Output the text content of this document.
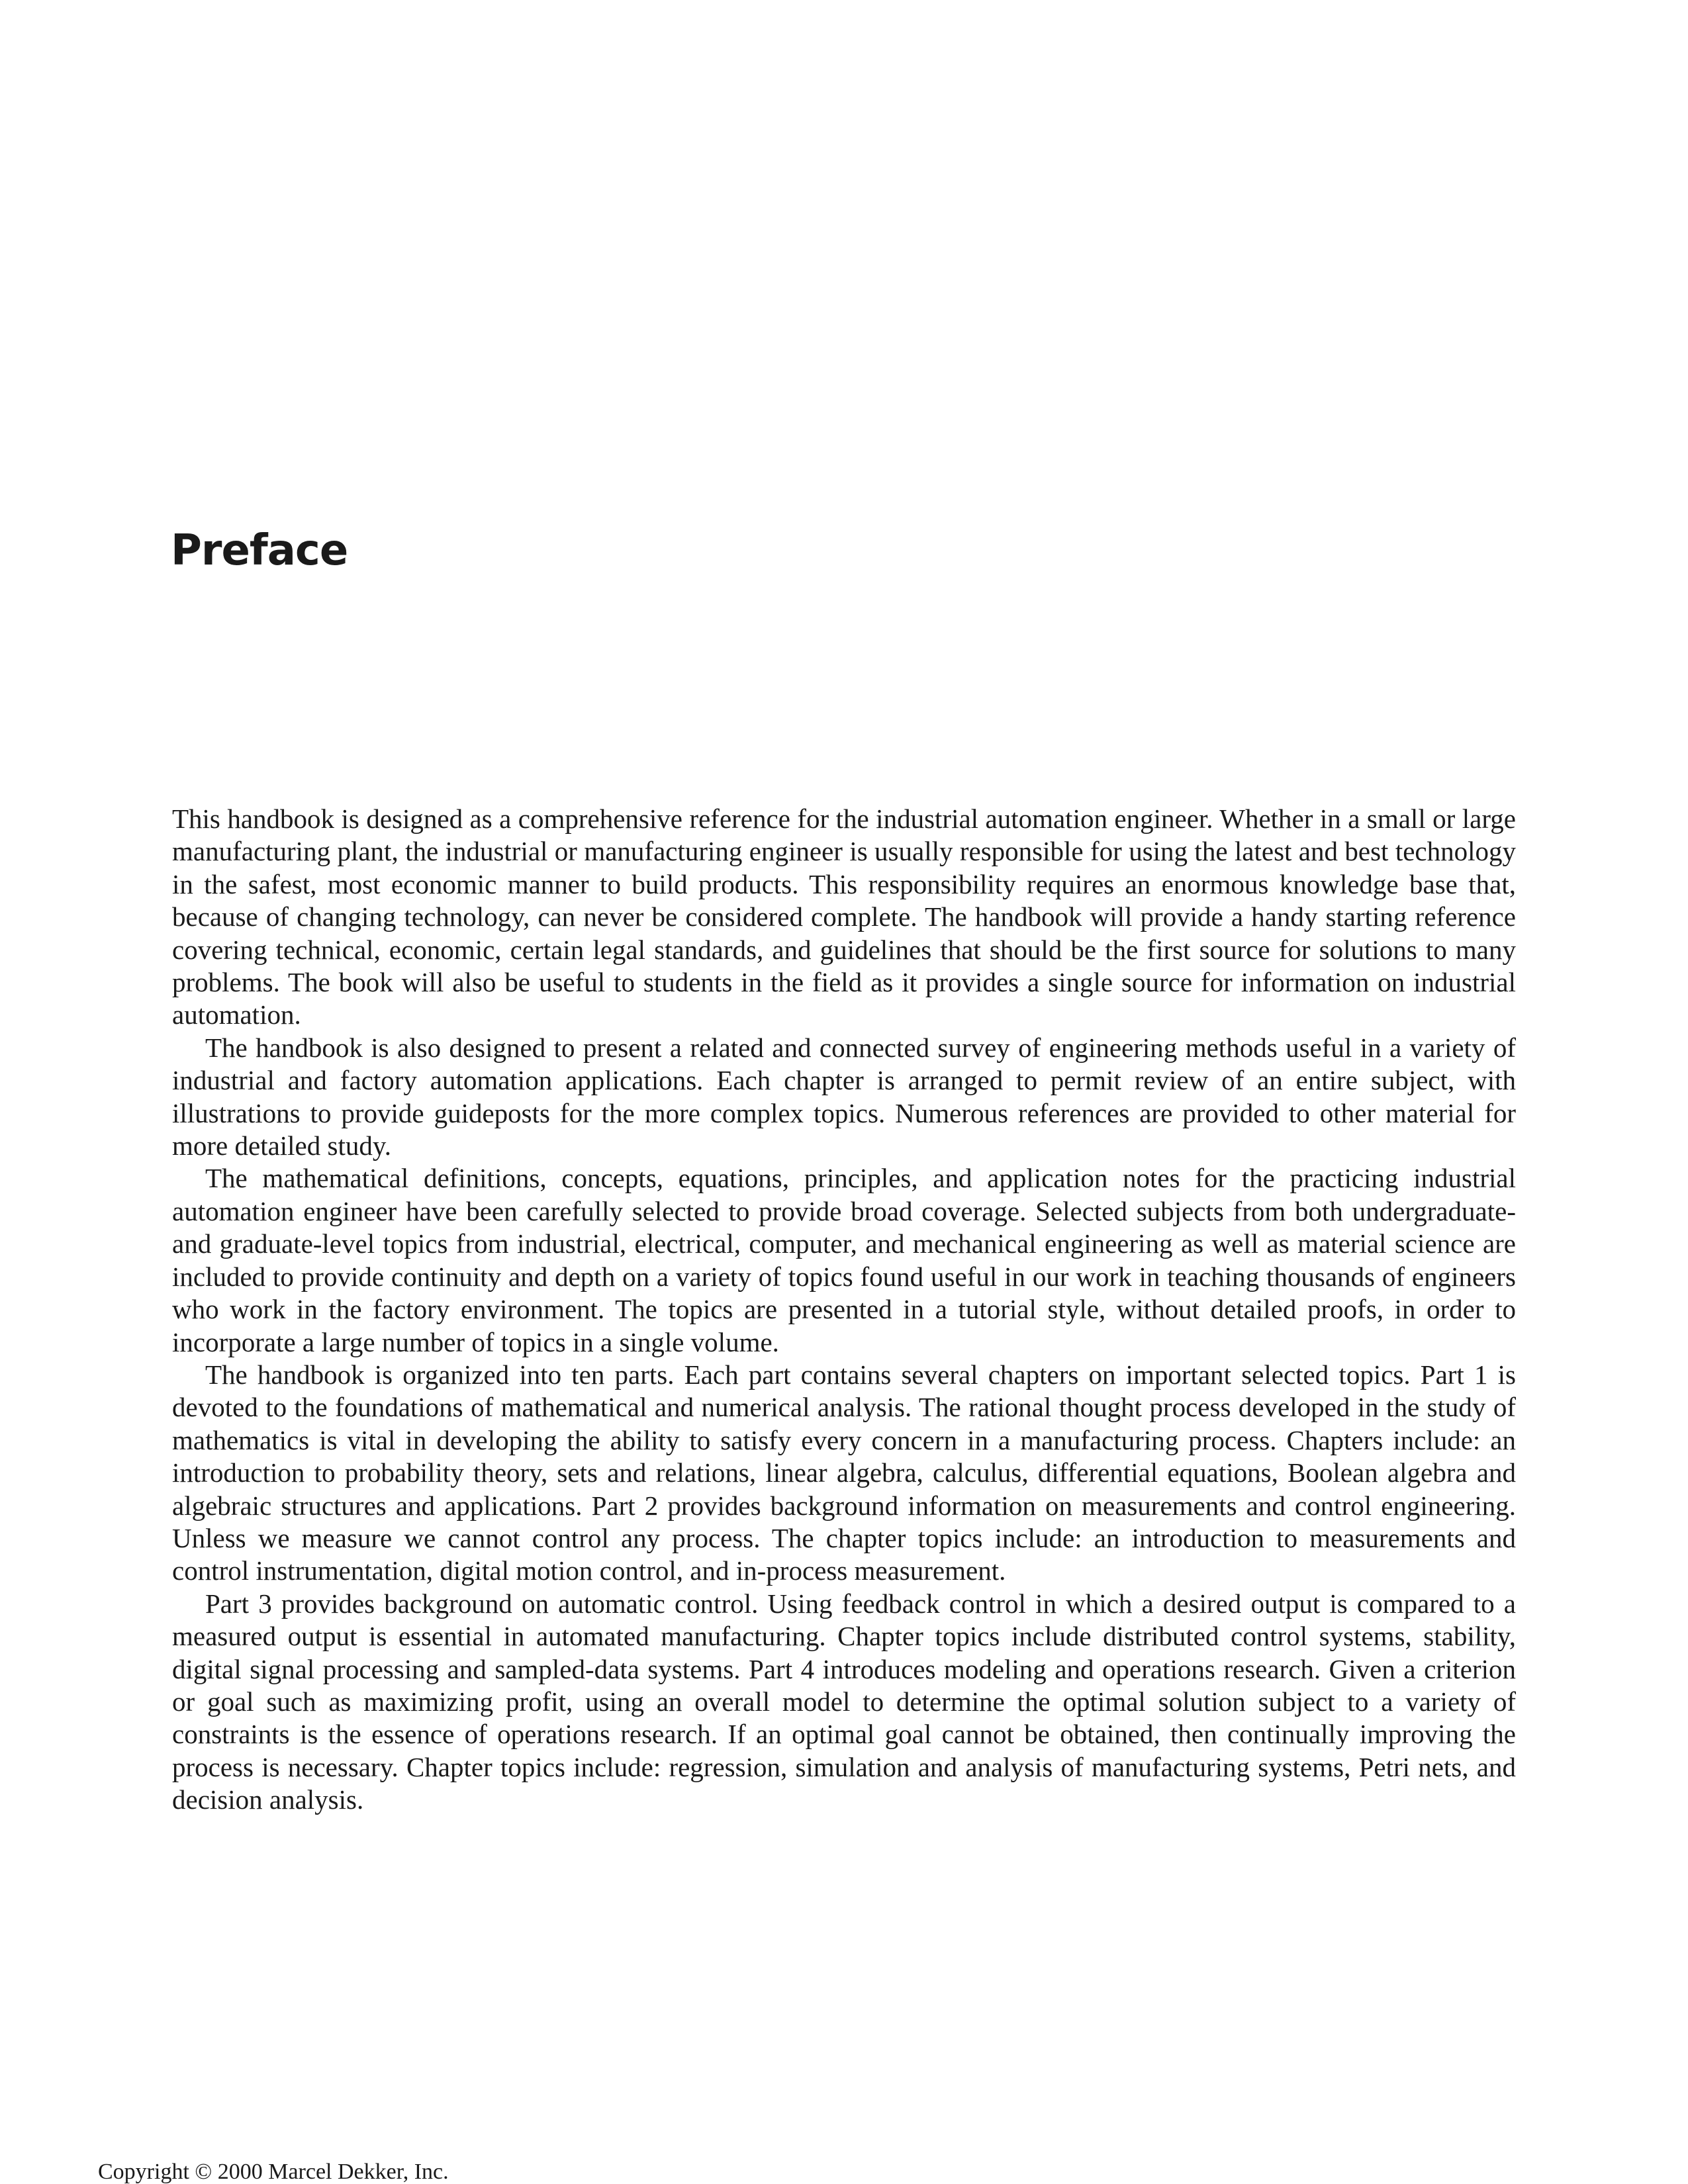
Preface

This handbook is designed as a comprehensive reference for the industrial automation engineer. Whether in a small or large manufacturing plant, the industrial or manufacturing engineer is usually responsible for using the latest and best technology in the safest, most economic manner to build products. This responsibility requires an enormous knowledge base that, because of changing technology, can never be considered complete. The handbook will provide a handy starting reference covering technical, economic, certain legal standards, and guidelines that should be the first source for solutions to many problems. The book will also be useful to students in the field as it provides a single source for information on industrial automation.

The handbook is also designed to present a related and connected survey of engineering methods useful in a variety of industrial and factory automation applications. Each chapter is arranged to permit review of an entire subject, with illustrations to provide guideposts for the more complex topics. Numerous references are provided to other material for more detailed study.

The mathematical definitions, concepts, equations, principles, and application notes for the practicing industrial automation engineer have been carefully selected to provide broad coverage. Selected subjects from both undergraduate- and graduate-level topics from industrial, electrical, computer, and mechanical engineering as well as material science are included to provide continuity and depth on a variety of topics found useful in our work in teaching thousands of engineers who work in the factory environment. The topics are presented in a tutorial style, without detailed proofs, in order to incorporate a large number of topics in a single volume.

The handbook is organized into ten parts. Each part contains several chapters on important selected topics. Part 1 is devoted to the foundations of mathematical and numerical analysis. The rational thought process developed in the study of mathematics is vital in developing the ability to satisfy every concern in a manufacturing process. Chapters include: an introduction to probability theory, sets and relations, linear algebra, calculus, differential equations, Boolean algebra and algebraic structures and applications. Part 2 provides background information on measurements and control engineering. Unless we measure we cannot control any process. The chapter topics include: an introduction to measurements and control instrumentation, digital motion control, and in-process measurement.

Part 3 provides background on automatic control. Using feedback control in which a desired output is compared to a measured output is essential in automated manufacturing. Chapter topics include distributed control systems, stability, digital signal processing and sampled-data systems. Part 4 introduces modeling and operations research. Given a criterion or goal such as maximizing profit, using an overall model to determine the optimal solution subject to a variety of constraints is the essence of operations research. If an optimal goal cannot be obtained, then continually improving the process is necessary. Chapter topics include: regression, simulation and analysis of manufacturing systems, Petri nets, and decision analysis.

Copyright © 2000 Marcel Dekker, Inc.
